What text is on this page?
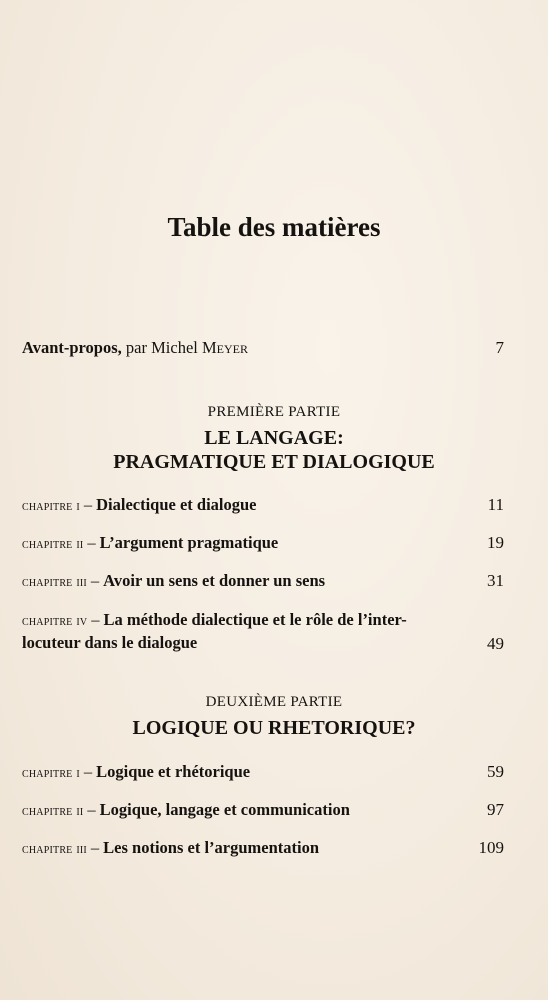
Table des matières
Avant-propos, par Michel Meyer	7
PREMIÈRE PARTIE
LE LANGAGE:
PRAGMATIQUE ET DIALOGIQUE
chapitre i – Dialectique et dialogue	11
chapitre ii – L’argument pragmatique	19
chapitre iii – Avoir un sens et donner un sens	31
chapitre iv – La méthode dialectique et le rôle de l’inter-
locuteur dans le dialogue	49
DEUXIÈME PARTIE
LOGIQUE OU RHETORIQUE?
chapitre i – Logique et rhétorique	59
chapitre ii – Logique, langage et communication	97
chapitre iii – Les notions et l’argumentation	109
